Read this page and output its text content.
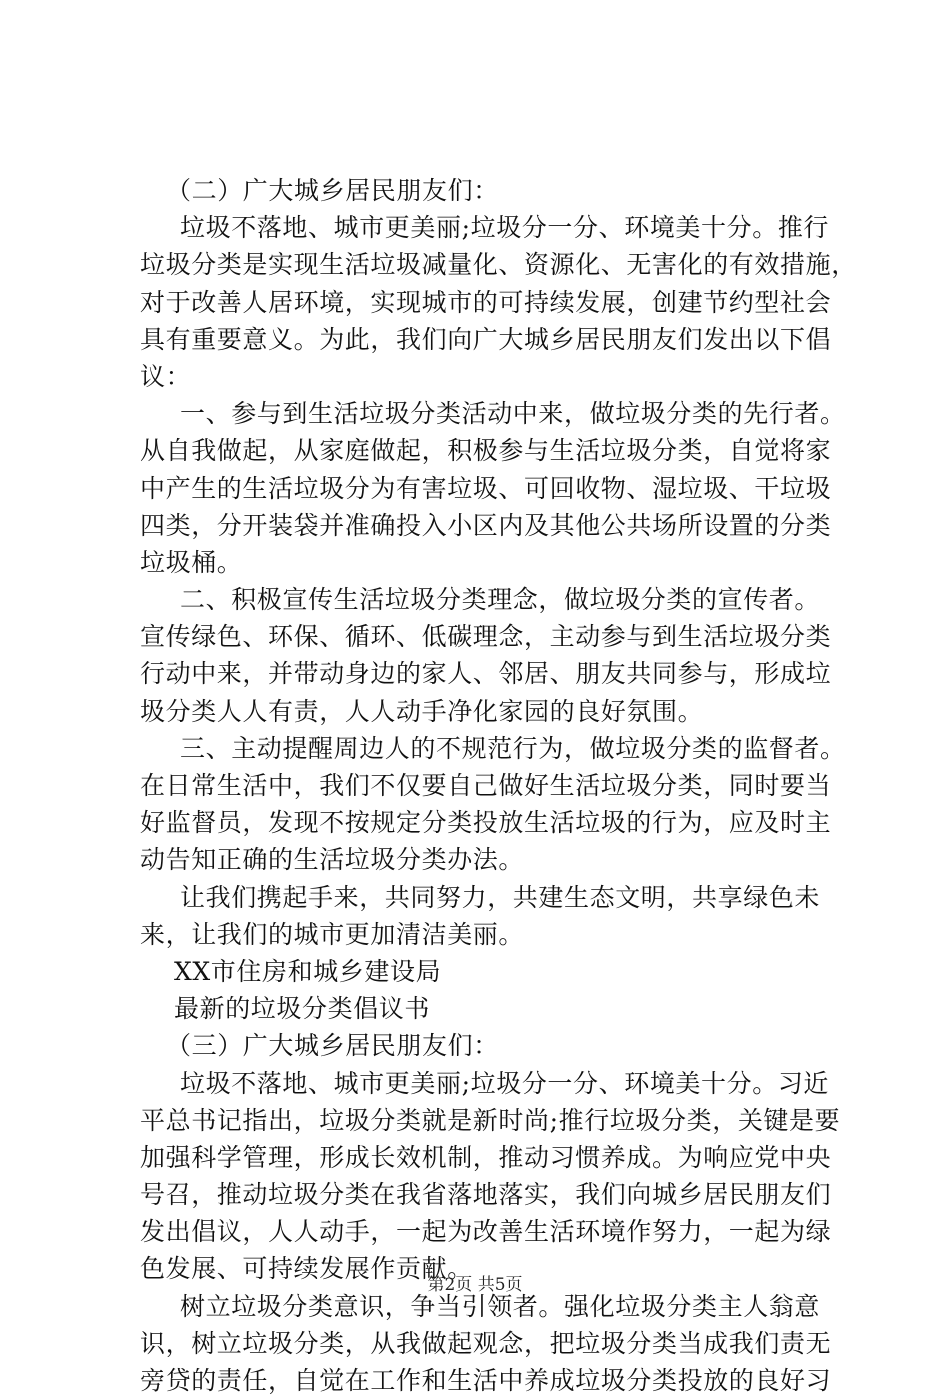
（二）广大城乡居民朋友们：
垃圾不落地、城市更美丽;垃圾分一分、环境美十分。推行
垃圾分类是实现生活垃圾减量化、资源化、无害化的有效措施，
对于改善人居环境，实现城市的可持续发展，创建节约型社会
具有重要意义。为此，我们向广大城乡居民朋友们发出以下倡
议：
一、参与到生活垃圾分类活动中来，做垃圾分类的先行者。
从自我做起，从家庭做起，积极参与生活垃圾分类，自觉将家
中产生的生活垃圾分为有害垃圾、可回收物、湿垃圾、干垃圾
四类，分开装袋并准确投入小区内及其他公共场所设置的分类
垃圾桶。
二、积极宣传生活垃圾分类理念，做垃圾分类的宣传者。
宣传绿色、环保、循环、低碳理念，主动参与到生活垃圾分类
行动中来，并带动身边的家人、邻居、朋友共同参与，形成垃
圾分类人人有责，人人动手净化家园的良好氛围。
三、主动提醒周边人的不规范行为，做垃圾分类的监督者。
在日常生活中，我们不仅要自己做好生活垃圾分类，同时要当
好监督员，发现不按规定分类投放生活垃圾的行为，应及时主
动告知正确的生活垃圾分类办法。
让我们携起手来，共同努力，共建生态文明，共享绿色未
来，让我们的城市更加清洁美丽。
XX市住房和城乡建设局
最新的垃圾分类倡议书
（三）广大城乡居民朋友们：
垃圾不落地、城市更美丽;垃圾分一分、环境美十分。习近
平总书记指出，垃圾分类就是新时尚;推行垃圾分类，关键是要
加强科学管理，形成长效机制，推动习惯养成。为响应党中央
号召，推动垃圾分类在我省落地落实，我们向城乡居民朋友们
发出倡议，人人动手，一起为改善生活环境作努力，一起为绿
色发展、可持续发展作贡献。
树立垃圾分类意识，争当引领者。强化垃圾分类主人翁意
识，树立垃圾分类，从我做起观念，把垃圾分类当成我们责无
旁贷的责任，自觉在工作和生活中养成垃圾分类投放的良好习
第2页 共5页
